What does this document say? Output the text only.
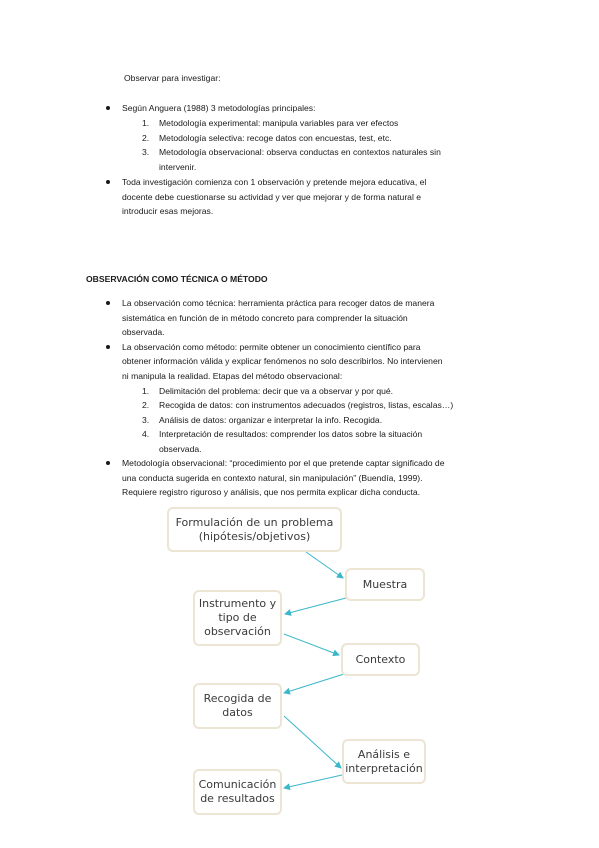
Observar para investigar:
Según Anguera (1988) 3 metodologías principales:
1. Metodología experimental: manipula variables para ver efectos
2. Metodología selectiva: recoge datos con encuestas, test, etc.
3. Metodología observacional: observa conductas en contextos naturales sin
intervenir.
Toda investigación comienza con 1 observación y pretende mejora educativa, el
docente debe cuestionarse su actividad y ver que mejorar y de forma natural e
introducir esas mejoras.
OBSERVACIÓN COMO TÉCNICA O MÉTODO
La observación como técnica: herramienta práctica para recoger datos de manera
sistemática en función de in método concreto para comprender la situación
observada.
La observación como método: permite obtener un conocimiento científico para
obtener información válida y explicar fenómenos no solo describirlos. No intervienen
ni manipula la realidad. Etapas del método observacional:
1. Delimitación del problema: decir que va a observar y por qué.
2. Recogida de datos: con instrumentos adecuados (registros, listas, escalas…)
3. Análisis de datos: organizar e interpretar la info. Recogida.
4. Interpretación de resultados: comprender los datos sobre la situación
observada.
Metodología observacional: “procedimiento por el que pretende captar significado de
una conducta sugerida en contexto natural, sin manipulación” (Buendía, 1999).
Requiere registro riguroso y análisis, que nos permita explicar dicha conducta.
Formulación de un problema
(hipótesis/objetivos)
Muestra
Instrumento y
tipo de
observación
Contexto
Recogida de
datos
Análisis e
interpretación
Comunicación
de resultados
